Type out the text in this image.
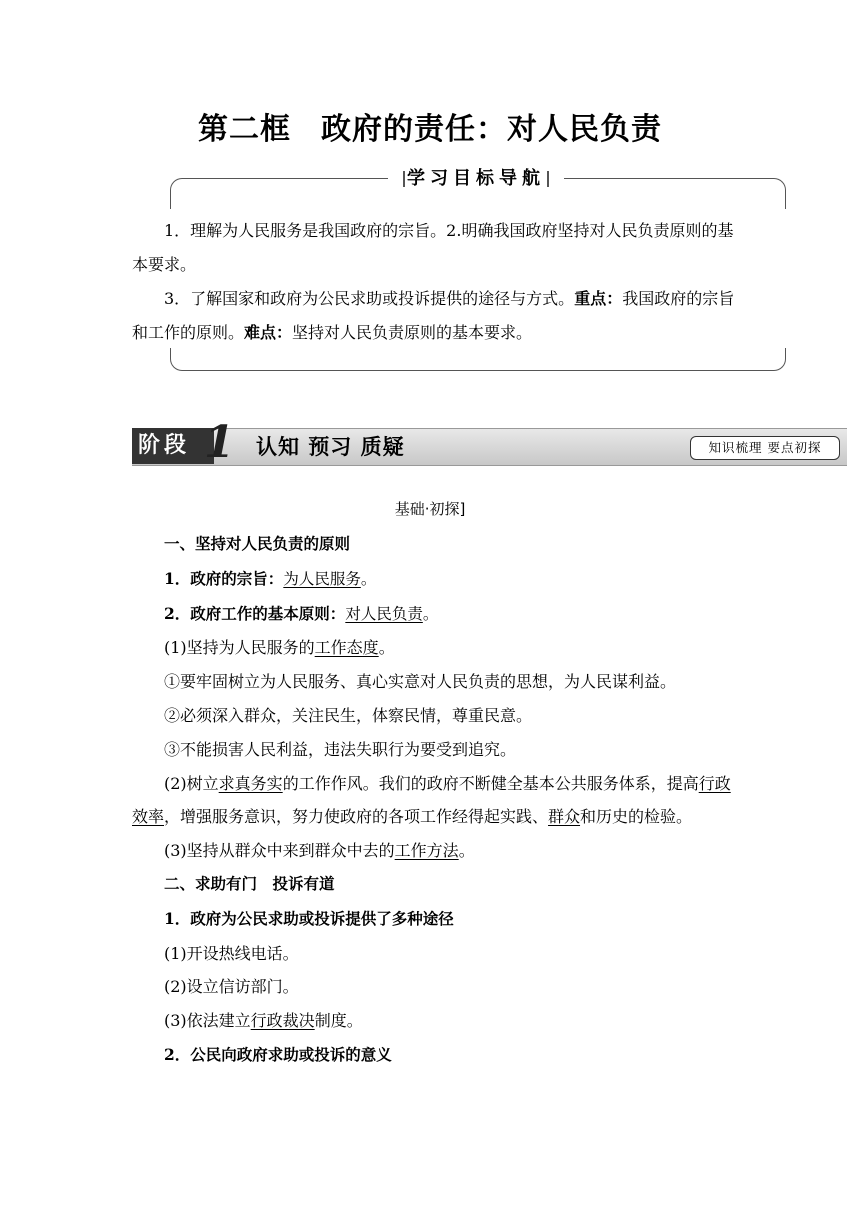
第二框 政府的责任：对人民负责
学习目标导航

1．理解为人民服务是我国政府的宗旨。2.明确我国政府坚持对人民负责原则的基本要求。

3．了解国家和政府为公民求助或投诉提供的途径与方式。重点：我国政府的宗旨和工作的原则。难点：坚持对人民负责原则的基本要求。

阶段 1 认知 预习 质疑	知识梳理 要点初探
基础·初探]
一、坚持对人民负责的原则
1．政府的宗旨：为人民服务。
2．政府工作的基本原则：对人民负责。
(1)坚持为人民服务的工作态度。
①要牢固树立为人民服务、真心实意对人民负责的思想，为人民谋利益。
②必须深入群众，关注民生，体察民情，尊重民意。
③不能损害人民利益，违法失职行为要受到追究。
(2)树立求真务实的工作作风。我们的政府不断健全基本公共服务体系，提高行政效率，增强服务意识，努力使政府的各项工作经得起实践、群众和历史的检验。
(3)坚持从群众中来到群众中去的工作方法。
二、求助有门　投诉有道
1．政府为公民求助或投诉提供了多种途径
(1)开设热线电话。
(2)设立信访部门。
(3)依法建立行政裁决制度。
2．公民向政府求助或投诉的意义
